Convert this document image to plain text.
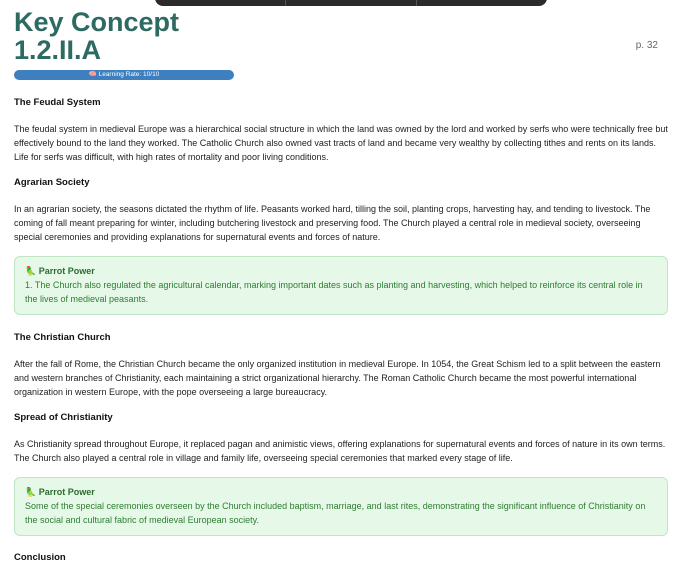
Key Concept
1.2.II.A	p. 32
🧠 Learning Rate: 10/10
The Feudal System

The feudal system in medieval Europe was a hierarchical social structure in which the land was owned by the lord and worked by serfs who were technically free but effectively bound to the land they worked. The Catholic Church also owned vast tracts of land and became very wealthy by collecting tithes and rents on its lands. Life for serfs was difficult, with high rates of mortality and poor living conditions.

Agrarian Society

In an agrarian society, the seasons dictated the rhythm of life. Peasants worked hard, tilling the soil, planting crops, harvesting hay, and tending to livestock. The coming of fall meant preparing for winter, including butchering livestock and preserving food. The Church played a central role in medieval society, overseeing special ceremonies and providing explanations for supernatural events and forces of nature.

🦜 Parrot Power
1. The Church also regulated the agricultural calendar, marking important dates such as planting and harvesting, which helped to reinforce its central role in the lives of medieval peasants.
The Christian Church

After the fall of Rome, the Christian Church became the only organized institution in medieval Europe. In 1054, the Great Schism led to a split between the eastern and western branches of Christianity, each maintaining a strict organizational hierarchy. The Roman Catholic Church became the most powerful international organization in western Europe, with the pope overseeing a large bureaucracy.

Spread of Christianity

As Christianity spread throughout Europe, it replaced pagan and animistic views, offering explanations for supernatural events and forces of nature in its own terms. The Church also played a central role in village and family life, overseeing special ceremonies that marked every stage of life.

🦜 Parrot Power
Some of the special ceremonies overseen by the Church included baptism, marriage, and last rites, demonstrating the significant influence of Christianity on the social and cultural fabric of medieval European society.
Conclusion
